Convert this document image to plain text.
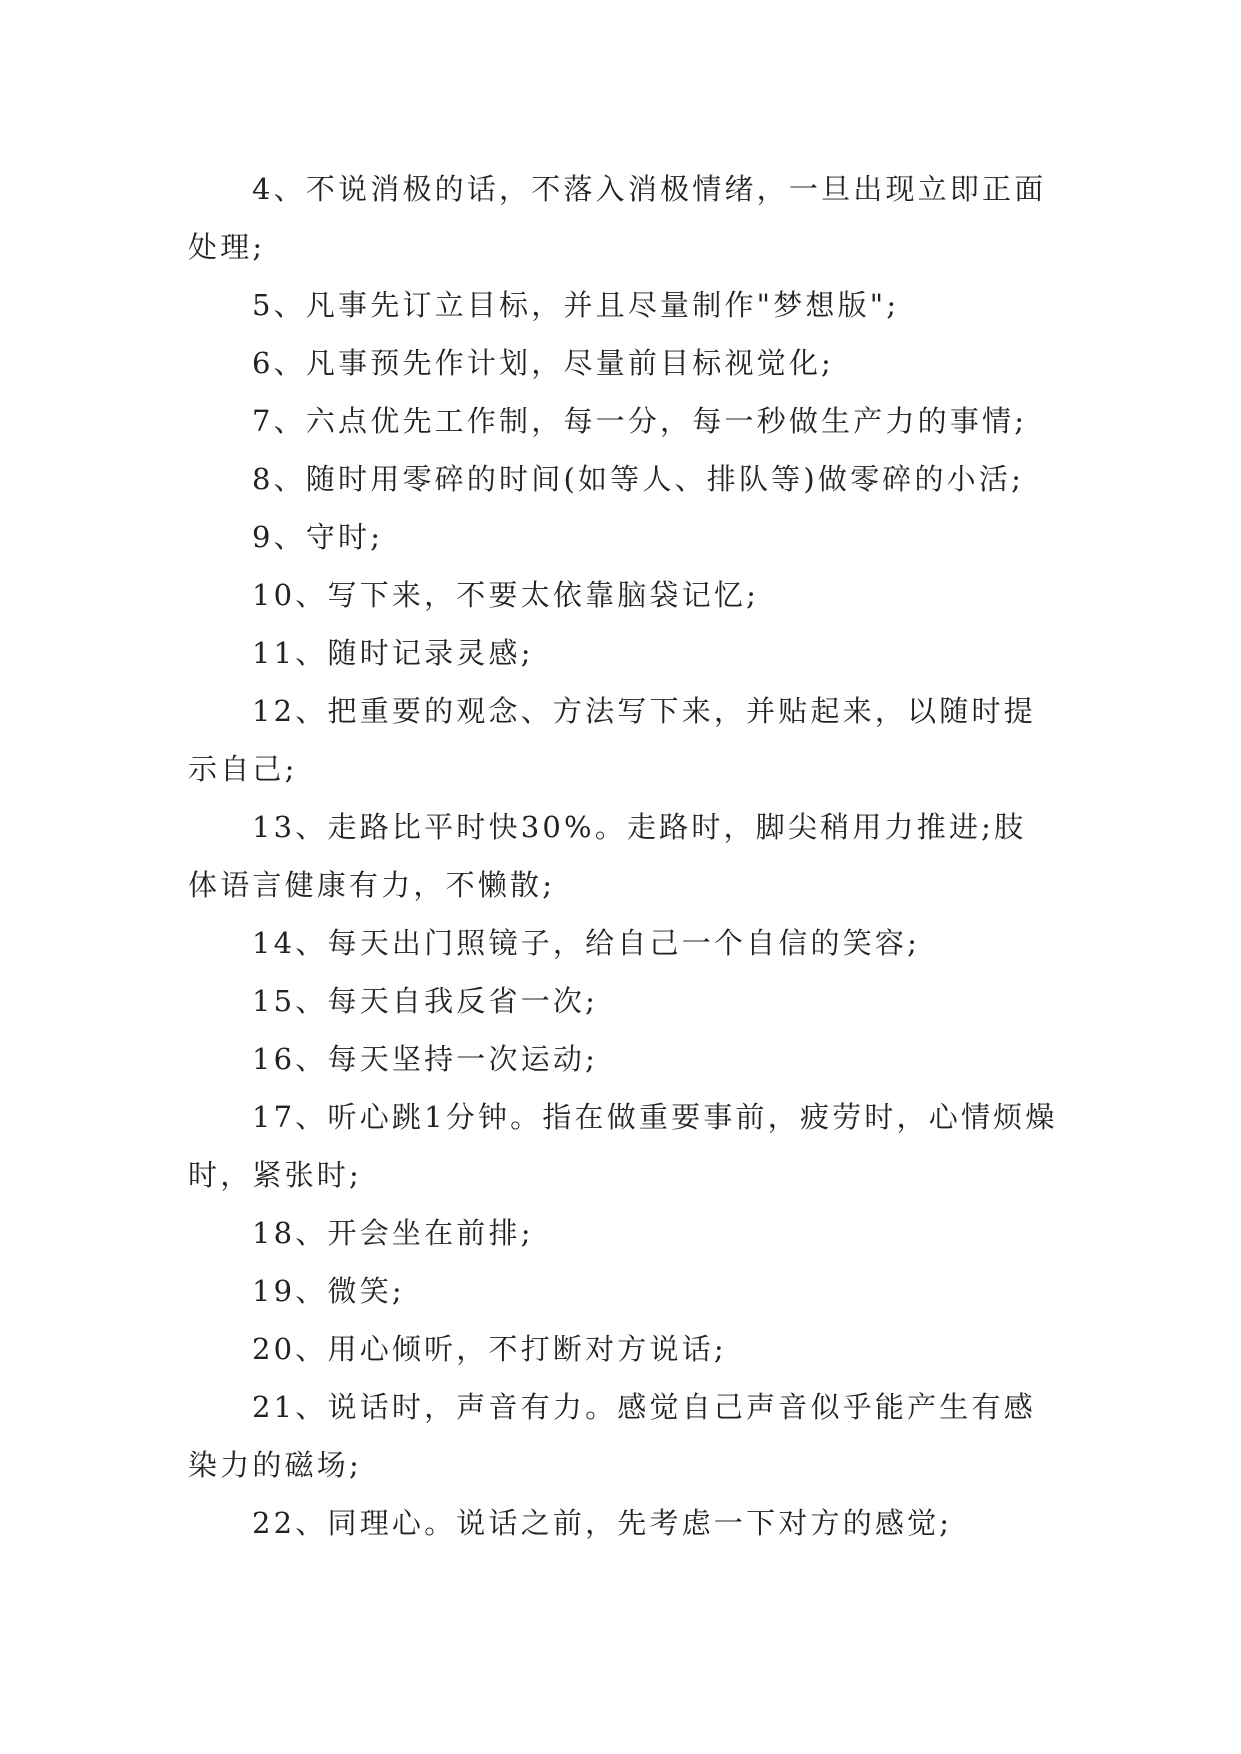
4、不说消极的话，不落入消极情绪，一旦出现立即正面处理;

5、凡事先订立目标，并且尽量制作"梦想版";

6、凡事预先作计划，尽量前目标视觉化;

7、六点优先工作制，每一分，每一秒做生产力的事情;

8、随时用零碎的时间(如等人、排队等)做零碎的小活;

9、守时;

10、写下来，不要太依靠脑袋记忆;

11、随时记录灵感;

12、把重要的观念、方法写下来，并贴起来，以随时提示自己;

13、走路比平时快30%。走路时，脚尖稍用力推进;肢体语言健康有力，不懒散;

14、每天出门照镜子，给自己一个自信的笑容;

15、每天自我反省一次;

16、每天坚持一次运动;

17、听心跳1分钟。指在做重要事前，疲劳时，心情烦燥时，紧张时;

18、开会坐在前排;

19、微笑;

20、用心倾听，不打断对方说话;

21、说话时，声音有力。感觉自己声音似乎能产生有感染力的磁场;

22、同理心。说话之前，先考虑一下对方的感觉;
